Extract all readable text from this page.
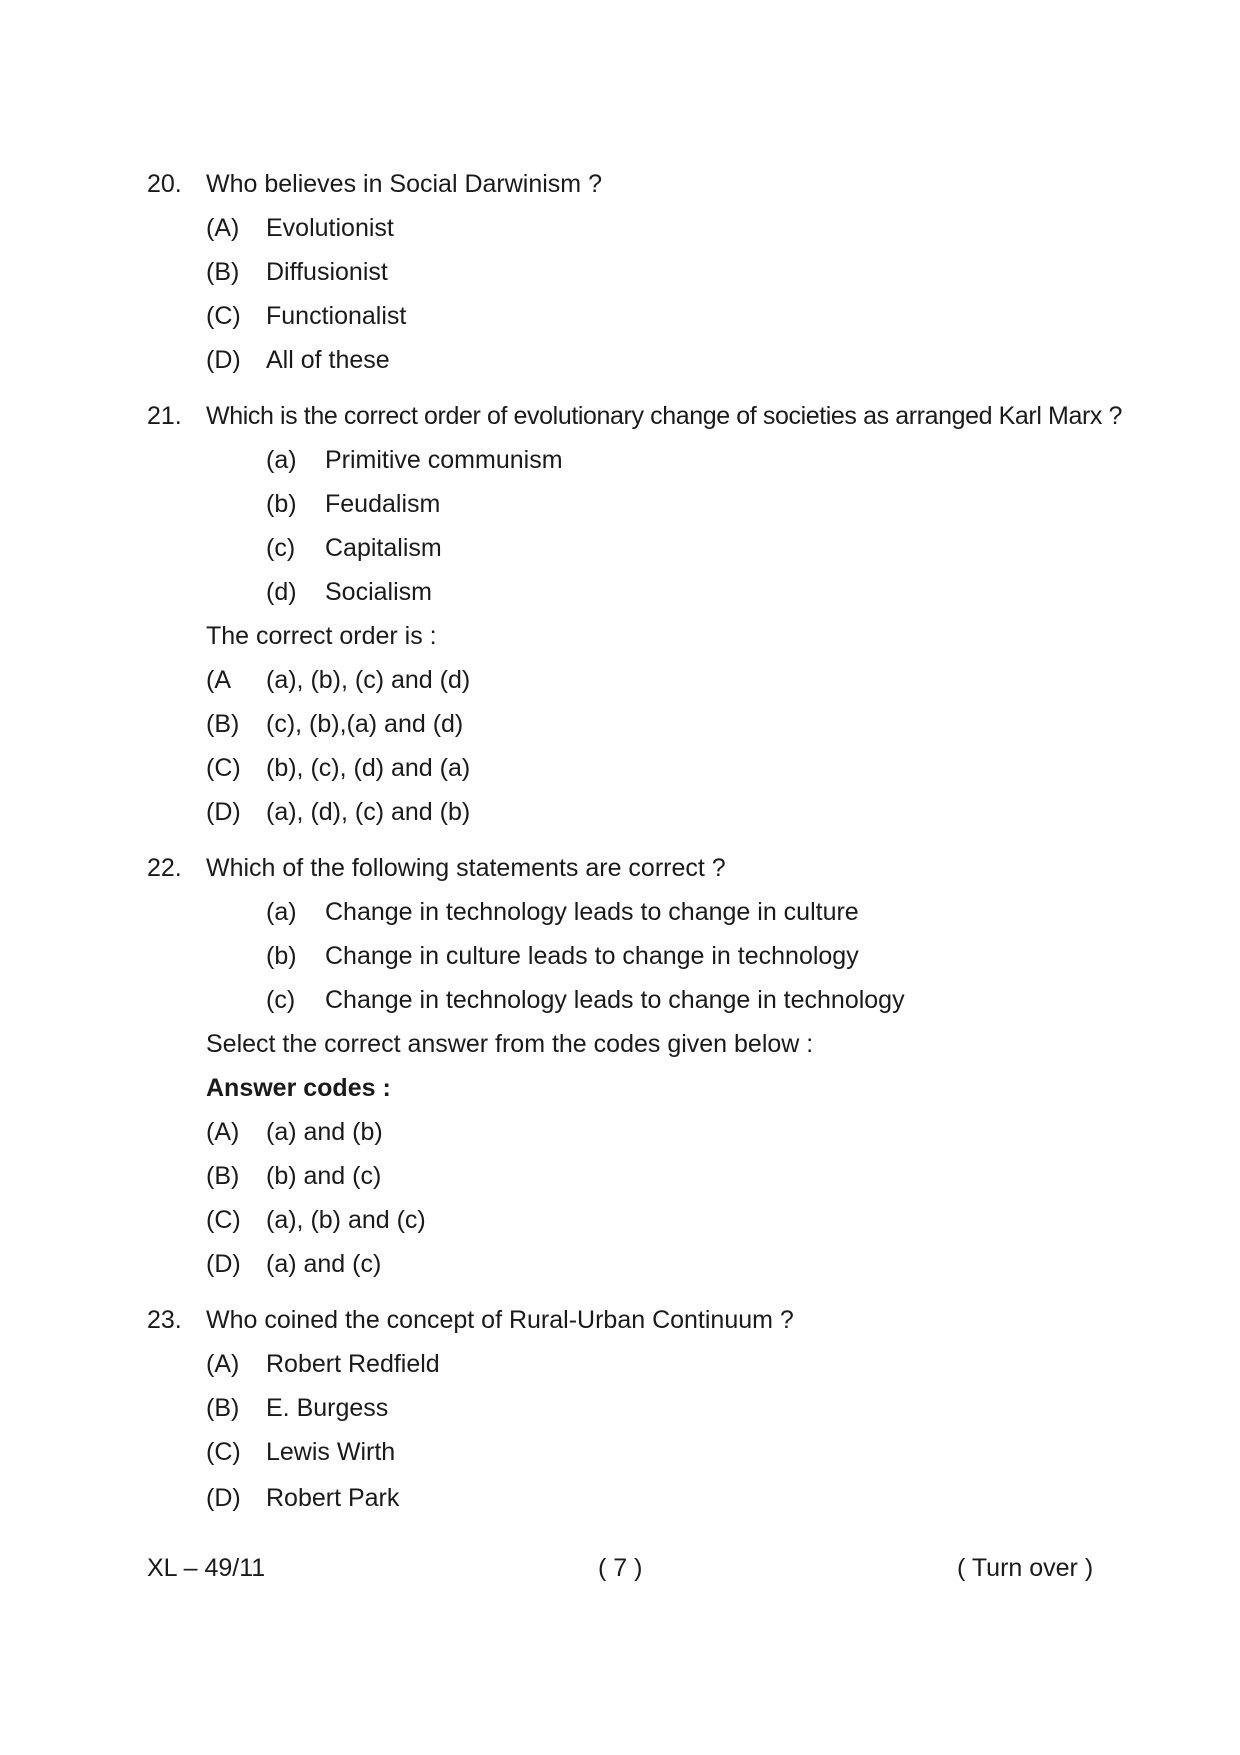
20. Who believes in Social Darwinism ?
(A) Evolutionist
(B) Diffusionist
(C) Functionalist
(D) All of these
21. Which is the correct order of evolutionary change of societies as arranged Karl Marx ?
(a) Primitive communism
(b) Feudalism
(c) Capitalism
(d) Socialism
The correct order is :
(A (a), (b), (c) and (d)
(B) (c), (b),(a) and (d)
(C) (b), (c), (d) and (a)
(D) (a), (d), (c) and (b)
22. Which of the following statements are correct ?
(a) Change in technology leads to change in culture
(b) Change in culture leads to change in technology
(c) Change in technology leads to change in technology
Select the correct answer from the codes given below :
Answer codes :
(A) (a) and (b)
(B) (b) and (c)
(C) (a), (b) and (c)
(D) (a) and (c)
23. Who coined the concept of Rural-Urban Continuum ?
(A) Robert Redfield
(B) E. Burgess
(C) Lewis Wirth
(D) Robert Park
XL – 49/11	( 7 )	( Turn over )
